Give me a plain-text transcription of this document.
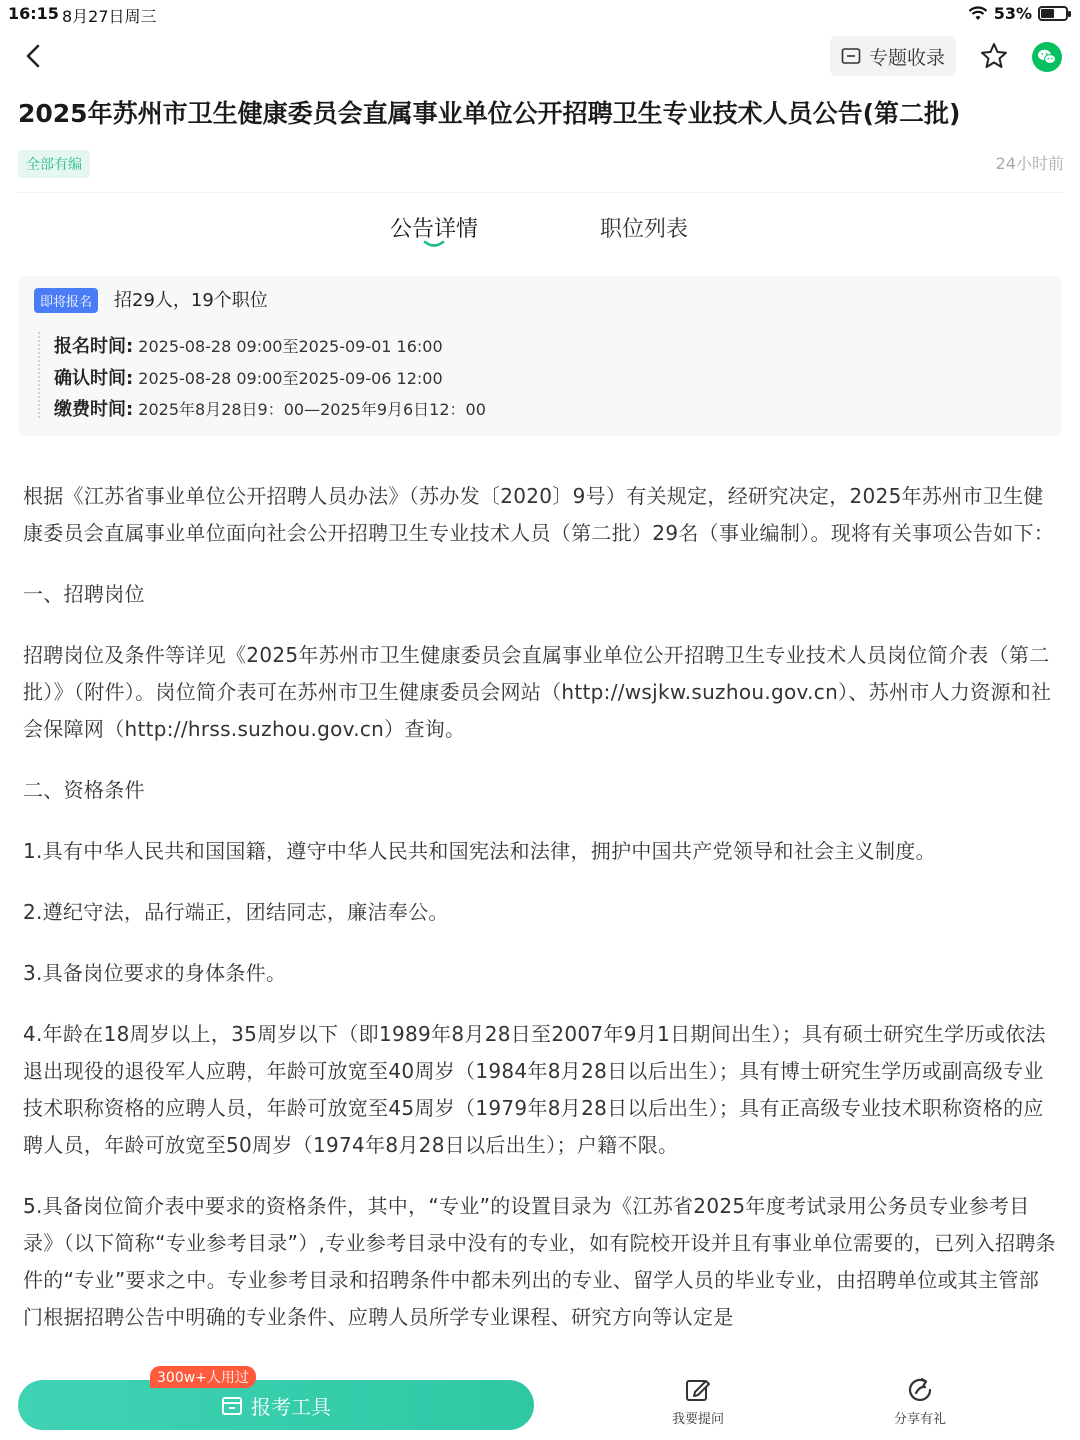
16:15 8月27日周三	53%
专题收录
2025年苏州市卫生健康委员会直属事业单位公开招聘卫生专业技术人员公告(第二批)
全部有编	24小时前
公告详情	职位列表
即将报名	招29人，19个职位
报名时间: 2025-08-28 09:00至2025-09-01 16:00
确认时间: 2025-08-28 09:00至2025-09-06 12:00
缴费时间: 2025年8月28日9：00—2025年9月6日12：00

根据《江苏省事业单位公开招聘人员办法》（苏办发〔2020〕9号）有关规定，经研究决定，2025年苏州市卫生健康委员会直属事业单位面向社会公开招聘卫生专业技术人员（第二批）29名（事业编制）。现将有关事项公告如下：

一、招聘岗位

招聘岗位及条件等详见《2025年苏州市卫生健康委员会直属事业单位公开招聘卫生专业技术人员岗位简介表（第二批）》（附件）。岗位简介表可在苏州市卫生健康委员会网站（http://wsjkw.suzhou.gov.cn）、苏州市人力资源和社会保障网（http://hrss.suzhou.gov.cn）查询。

二、资格条件

1.具有中华人民共和国国籍，遵守中华人民共和国宪法和法律，拥护中国共产党领导和社会主义制度。

2.遵纪守法，品行端正，团结同志，廉洁奉公。

3.具备岗位要求的身体条件。

4.年龄在18周岁以上，35周岁以下（即1989年8月28日至2007年9月1日期间出生）；具有硕士研究生学历或依法退出现役的退役军人应聘，年龄可放宽至40周岁（1984年8月28日以后出生）；具有博士研究生学历或副高级专业技术职称资格的应聘人员，年龄可放宽至45周岁（1979年8月28日以后出生）；具有正高级专业技术职称资格的应聘人员，年龄可放宽至50周岁（1974年8月28日以后出生）；户籍不限。

5.具备岗位简介表中要求的资格条件，其中，“专业”的设置目录为《江苏省2025年度考试录用公务员专业参考目录》（以下简称“专业参考目录”）,专业参考目录中没有的专业，如有院校开设并且有事业单位需要的，已列入招聘条件的“专业”要求之中。专业参考目录和招聘条件中都未列出的专业、留学人员的毕业专业，由招聘单位或其主管部门根据招聘公告中明确的专业条件、应聘人员所学专业课程、研究方向等认定是

报考工具
300w+人用过
我要提问	分享有礼
